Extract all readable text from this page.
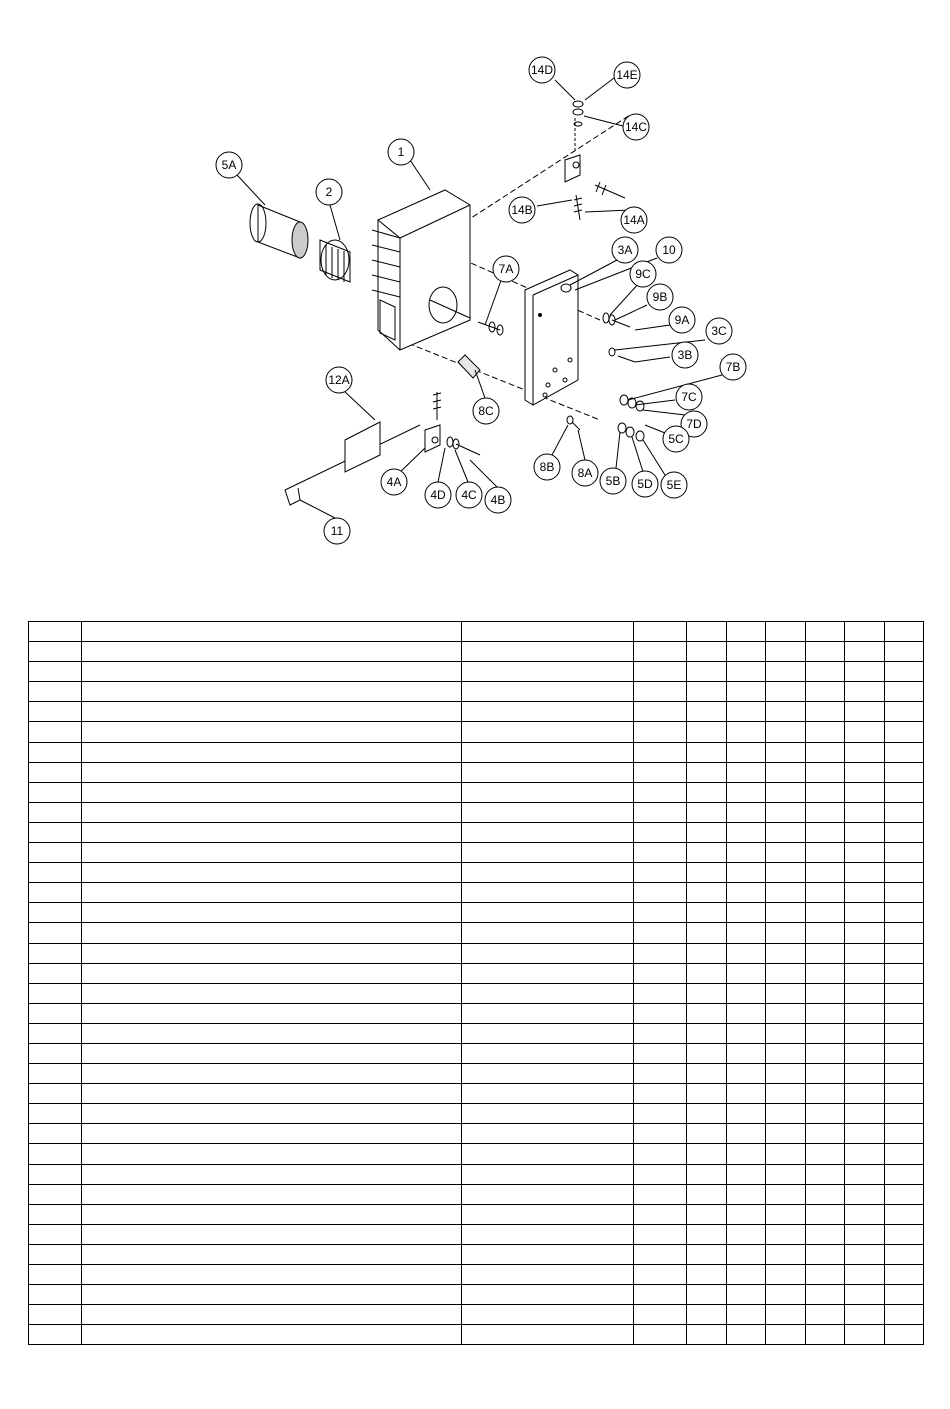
14D	14E
14C
1
5A
2
14B
14A
3A 10
7A	9C
9B
9A
3C
3B
7B
12A
7C
8C
7D
5C
8B 8A
4A	5B 5D 5E
4D 4C 4B
11
